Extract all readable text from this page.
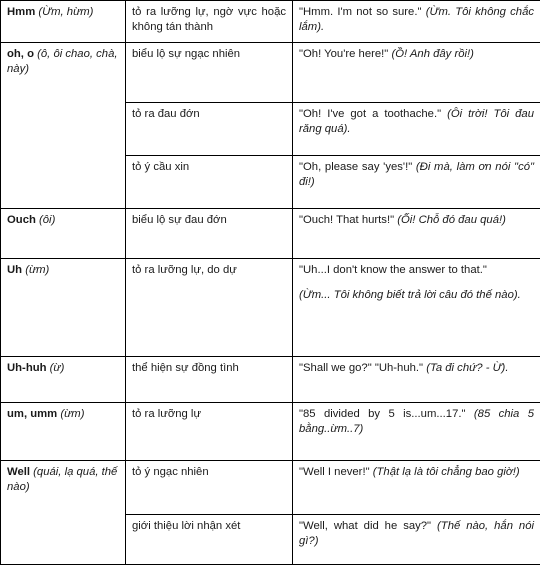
Hmm (Ừm, hừm)	tỏ ra lưỡng lự, ngờ vực hoặc không tán thành	"Hmm. I'm not so sure." (Ừm. Tôi không chắc lắm).
oh, o (ô, ôi chao, chà, này)	biểu lộ sự ngạc nhiên	"Oh! You're here!" (Ồ! Anh đây rồi!)
	tỏ ra đau đớn	"Oh! I've got a toothache." (Ôi trời! Tôi đau răng quá).
	tỏ ý cầu xin	"Oh, please say 'yes'!" (Đi mà, làm ơn nói "có" đi!)
Ouch (ôi)	biểu lộ sự đau đớn	"Ouch! That hurts!" (Ối! Chỗ đó đau quá!)
Uh (ừm)	tỏ ra lưỡng lự, do dự	"Uh...I don't know the answer to that."
(Ừm... Tôi không biết trả lời câu đó thế nào).

Uh-huh (ừ)	thể hiện sự đồng tình	"Shall we go?" "Uh-huh." (Ta đi chứ? - Ừ).
um, umm (ừm)	tỏ ra lưỡng lự	"85 divided by 5 is...um...17." (85 chia 5 bằng..ừm..7)
Well (quái, lạ quá, thế nào)	tỏ ý ngạc nhiên	"Well I never!" (Thật lạ là tôi chẳng bao giờ!)
	giới thiệu lời nhận xét	"Well, what did he say?" (Thế nào, hắn nói gì?)
